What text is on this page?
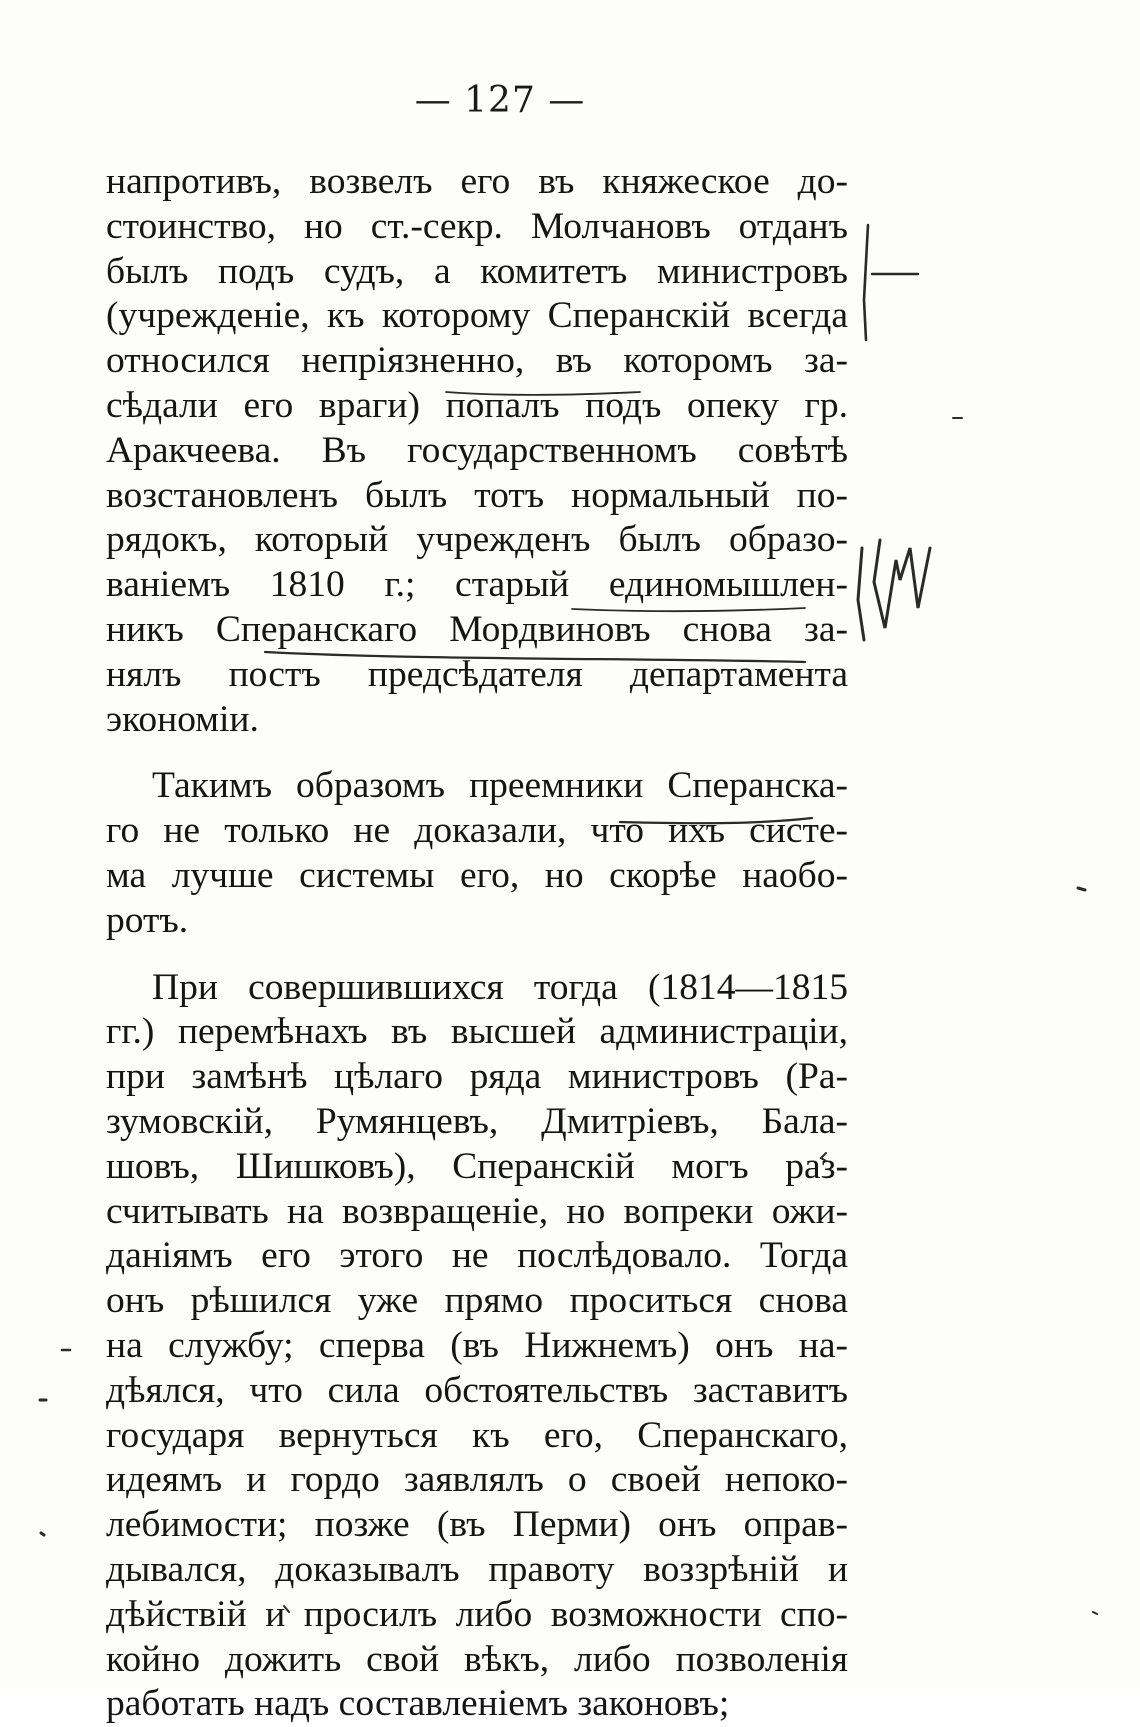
— 127 —
напротивъ, возвелъ его въ княжеское до-
стоинство, но ст.-секр. Молчановъ отданъ
былъ подъ судъ, а комитетъ министровъ
(учрежденіе, къ которому Сперанскій всегда
относился непріязненно, въ которомъ за-
сѣдали его враги) попалъ подъ опеку гр.
Аракчеева. Въ государственномъ совѣтѣ
возстановленъ былъ тотъ нормальный по-
рядокъ, который учрежденъ былъ образо-
ваніемъ 1810 г.; старый единомышлен-
никъ Сперанскаго Мордвиновъ снова за-
нялъ постъ предсѣдателя департамента
экономіи.
Такимъ образомъ преемники Сперанска-
го не только не доказали, что ихъ систе-
ма лучше системы его, но скорѣе наобо-
ротъ.
При совершившихся тогда (1814—1815
гг.) перемѣнахъ въ высшей администраціи,
при замѣнѣ цѣлаго ряда министровъ (Ра-
зумовскій, Румянцевъ, Дмитріевъ, Бала-
шовъ, Шишковъ), Сперанскій могъ раз-
считывать на возвращеніе, но вопреки ожи-
даніямъ его этого не послѣдовало. Тогда
онъ рѣшился уже прямо проситься снова
на службу; сперва (въ Нижнемъ) онъ на-
дѣялся, что сила обстоятельствъ заставитъ
государя вернуться къ его, Сперанскаго,
идеямъ и гордо заявлялъ о своей непоко-
лебимости; позже (въ Перми) онъ оправ-
дывался, доказывалъ правоту воззрѣній и
дѣйствій и просилъ либо возможности спо-
койно дожить свой вѣкъ, либо позволенія
работать надъ составленіемъ законовъ;
